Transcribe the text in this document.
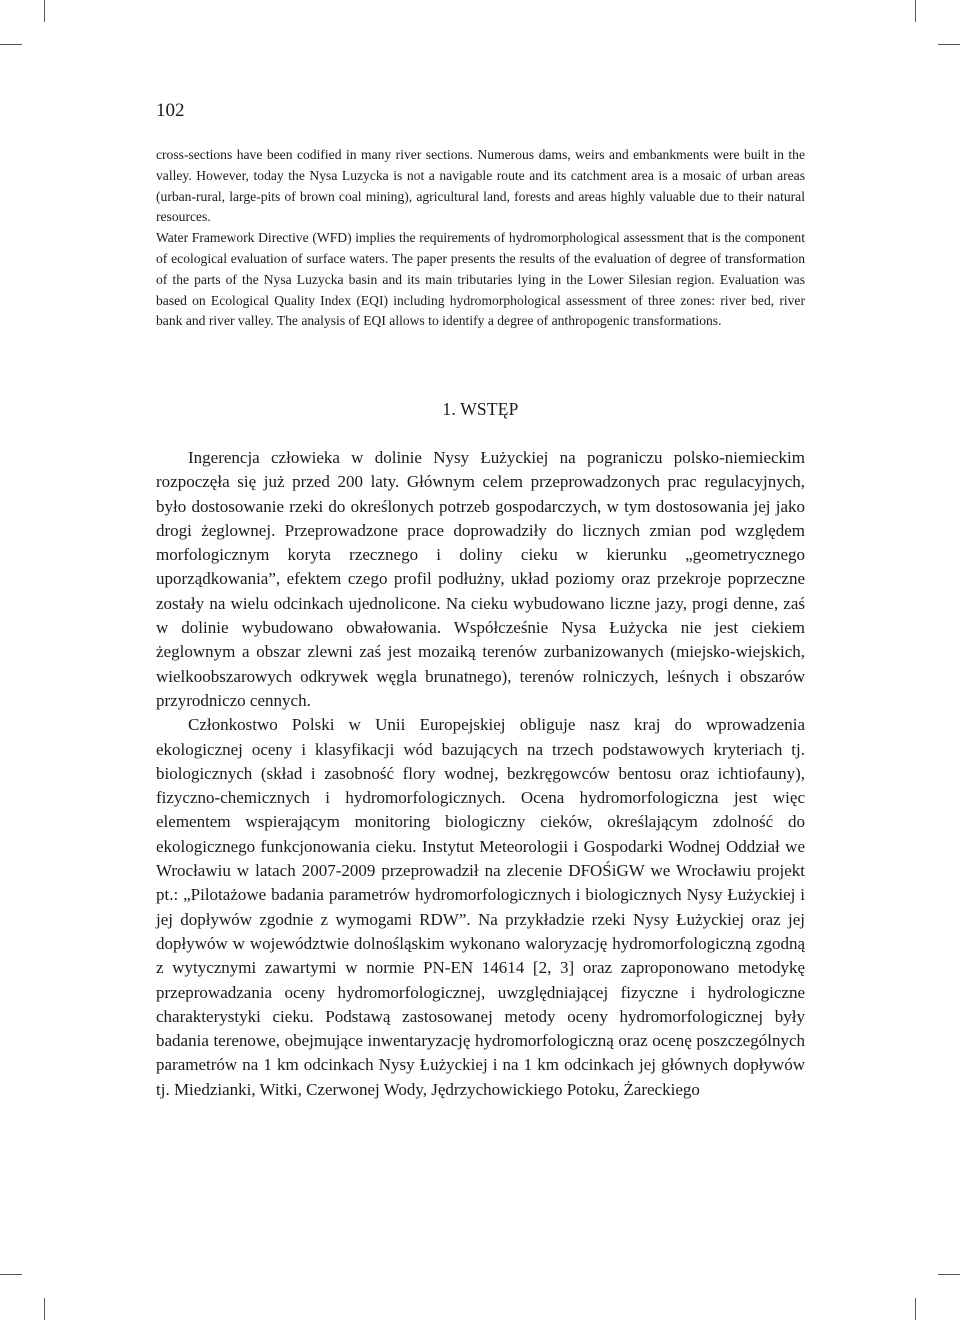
102

cross-sections have been codified in many river sections. Numerous dams, weirs and embankments were built in the valley. However, today the Nysa Luzycka is not a navigable route and its catchment area is a mosaic of urban areas (urban-rural, large-pits of brown coal mining), agricultural land, forests and areas highly valuable due to their natural resources.

Water Framework Directive (WFD) implies the requirements of hydromorphological assessment that is the component of ecological evaluation of surface waters. The paper presents the results of the evaluation of degree of transformation of the parts of the Nysa Luzycka basin and its main tributaries lying in the Lower Silesian region. Evaluation was based on Ecological Quality Index (EQI) including hydromorphological assessment of three zones: river bed, river bank and river valley. The analysis of EQI allows to identify a degree of anthropogenic transformations.

1. WSTĘP

Ingerencja człowieka w dolinie Nysy Łużyckiej na pograniczu polsko-niemieckim rozpoczęła się już przed 200 laty. Głównym celem przeprowadzonych prac regulacyjnych, było dostosowanie rzeki do określonych potrzeb gospodarczych, w tym dostosowania jej jako drogi żeglownej. Przeprowadzone prace doprowadziły do licznych zmian pod względem morfologicznym koryta rzecznego i doliny cieku w kierunku „geometrycznego uporządkowania”, efektem czego profil podłużny, układ poziomy oraz przekroje poprzeczne zostały na wielu odcinkach ujednolicone. Na cieku wybudowano liczne jazy, progi denne, zaś w dolinie wybudowano obwałowania. Współcześnie Nysa Łużycka nie jest ciekiem żeglownym a obszar zlewni zaś jest mozaiką terenów zurbanizowanych (miejsko-wiejskich, wielkoobszarowych odkrywek węgla brunatnego), terenów rolniczych, leśnych i obszarów przyrodniczo cennych.

Członkostwo Polski w Unii Europejskiej obliguje nasz kraj do wprowadzenia ekologicznej oceny i klasyfikacji wód bazujących na trzech podstawowych kryteriach tj. biologicznych (skład i zasobność flory wodnej, bezkręgowców bentosu oraz ichtiofauny), fizyczno-chemicznych i hydromorfologicznych. Ocena hydromorfologiczna jest więc elementem wspierającym monitoring biologiczny cieków, określającym zdolność do ekologicznego funkcjonowania cieku. Instytut Meteorologii i Gospodarki Wodnej Oddział we Wrocławiu w latach 2007-2009 przeprowadził na zlecenie DFOŚiGW we Wrocławiu projekt pt.: „Pilotażowe badania parametrów hydromorfologicznych i biologicznych Nysy Łużyckiej i jej dopływów zgodnie z wymogami RDW”. Na przykładzie rzeki Nysy Łużyckiej oraz jej dopływów w województwie dolnośląskim wykonano waloryzację hydromorfologiczną zgodną z wytycznymi zawartymi w normie PN-EN 14614 [2, 3] oraz zaproponowano metodykę przeprowadzania oceny hydromorfologicznej, uwzględniającej fizyczne i hydrologiczne charakterystyki cieku. Podstawą zastosowanej metody oceny hydromorfologicznej były badania terenowe, obejmujące inwentaryzację hydromorfologiczną oraz ocenę poszczególnych parametrów na 1 km odcinkach Nysy Łużyckiej i na 1 km odcinkach jej głównych dopływów tj. Miedzianki, Witki, Czerwonej Wody, Jędrzychowickiego Potoku, Żareckiego
